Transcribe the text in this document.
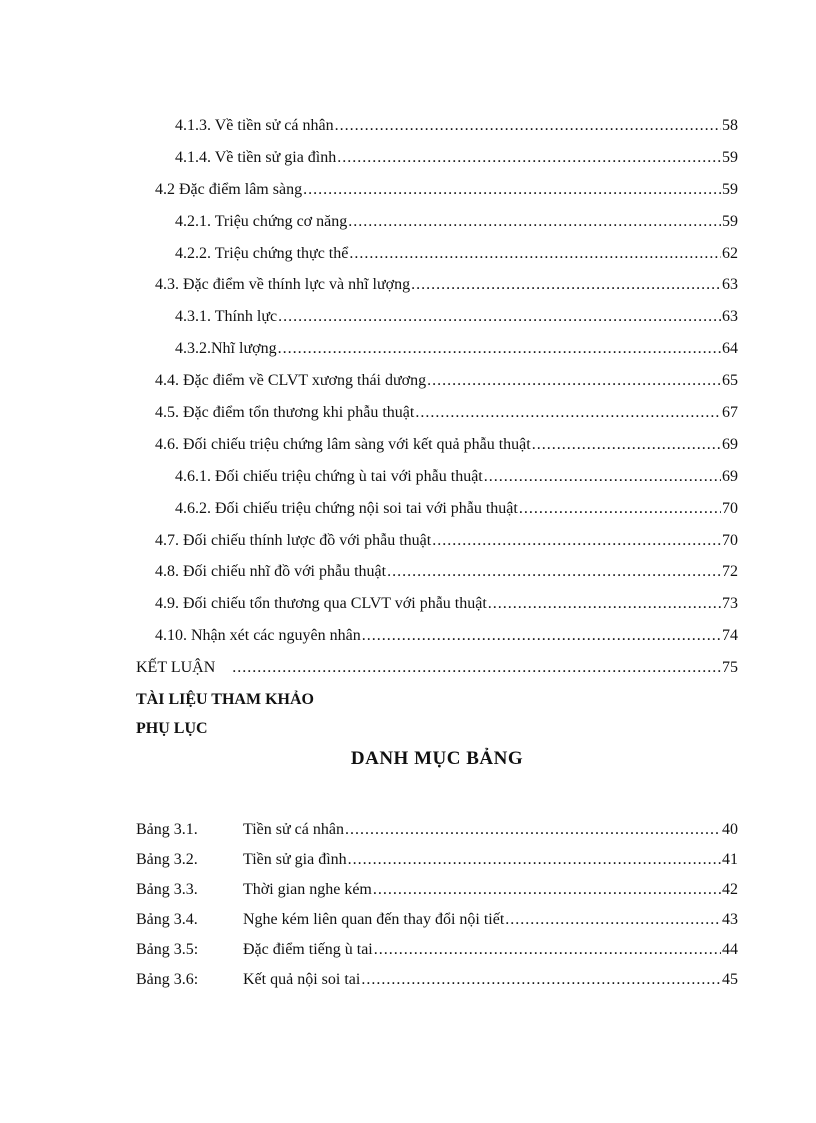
4.1.3. Về tiền sử cá nhân .....	58
4.1.4. Về tiền sử gia đình .....	59
4.2 Đặc điểm lâm sàng .....	59
4.2.1. Triệu chứng cơ năng .....	59
4.2.2. Triệu chứng thực thể .....	62
4.3. Đặc điểm về thính lực và nhĩ lượng .....	63
4.3.1. Thính lực .....	63
4.3.2.Nhĩ lượng .....	64
4.4. Đặc điểm về CLVT xương thái dương .....	65
4.5. Đặc điểm tổn thương khi phẫu thuật .....	67
4.6. Đối chiếu triệu chứng lâm sàng với kết quả phẫu thuật .....	69
4.6.1. Đối chiếu triệu chứng ù tai với phẫu thuật .....	69
4.6.2. Đối chiếu triệu chứng nội soi tai với phẫu thuật .....	70
4.7. Đối chiếu thính lược đồ với phẫu thuật .....	70
4.8. Đối chiếu nhĩ đồ với phẫu thuật .....	72
4.9. Đối chiếu tổn thương qua CLVT với phẫu thuật .....	73
4.10. Nhận xét các nguyên nhân .....	74
KẾT LUẬN .....	75
TÀI LIỆU THAM KHẢO
PHỤ LỤC
DANH MỤC BẢNG
Bảng 3.1.	Tiền sử cá nhân .....	40
Bảng 3.2.	Tiền sử gia đình .....	41
Bảng 3.3.	Thời gian nghe kém .....	42
Bảng 3.4.	Nghe kém liên quan đến thay đổi nội tiết .....	43
Bảng 3.5:	Đặc điểm tiếng ù tai .....	44
Bảng 3.6:	Kết quả nội soi tai .....	45
